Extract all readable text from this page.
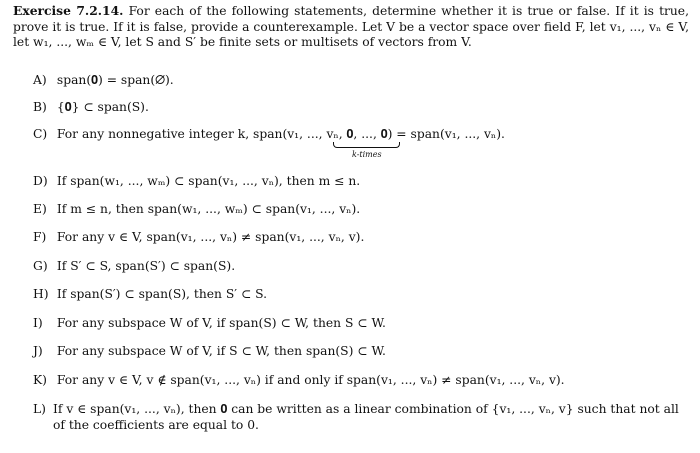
Exercise 7.2.14. For each of the following statements, determine whether it is true or false. If it is true, prove it is true. If it is false, provide a counterexample. Let V be a vector space over field F, let v₁, ..., vₙ ∈ V, let w₁, ..., wₘ ∈ V, let S and S′ be finite sets or multisets of vectors from V.
A) span(𝟎) = span(∅).
B) {𝟎} ⊂ span(S).
C) For any nonnegative integer k, span(v₁, ..., vₙ, 𝟎, ..., 𝟎) = span(v₁, ..., vₙ).
k-times
D) If span(w₁, ..., wₘ) ⊂ span(v₁, ..., vₙ), then m ≤ n.
E) If m ≤ n, then span(w₁, ..., wₘ) ⊂ span(v₁, ..., vₙ).
F) For any v ∈ V, span(v₁, ..., vₙ) ≠ span(v₁, ..., vₙ, v).
G) If S′ ⊂ S, span(S′) ⊂ span(S).
H) If span(S′) ⊂ span(S), then S′ ⊂ S.
I) For any subspace W of V, if span(S) ⊂ W, then S ⊂ W.
J) For any subspace W of V, if S ⊂ W, then span(S) ⊂ W.
K) For any v ∈ V, v ∉ span(v₁, ..., vₙ) if and only if span(v₁, ..., vₙ) ≠ span(v₁, ..., vₙ, v).
L) If v ∈ span(v₁, ..., vₙ), then 𝟎 can be written as a linear combination of {v₁, ..., vₙ, v} such that not all of the coefficients are equal to 0.
